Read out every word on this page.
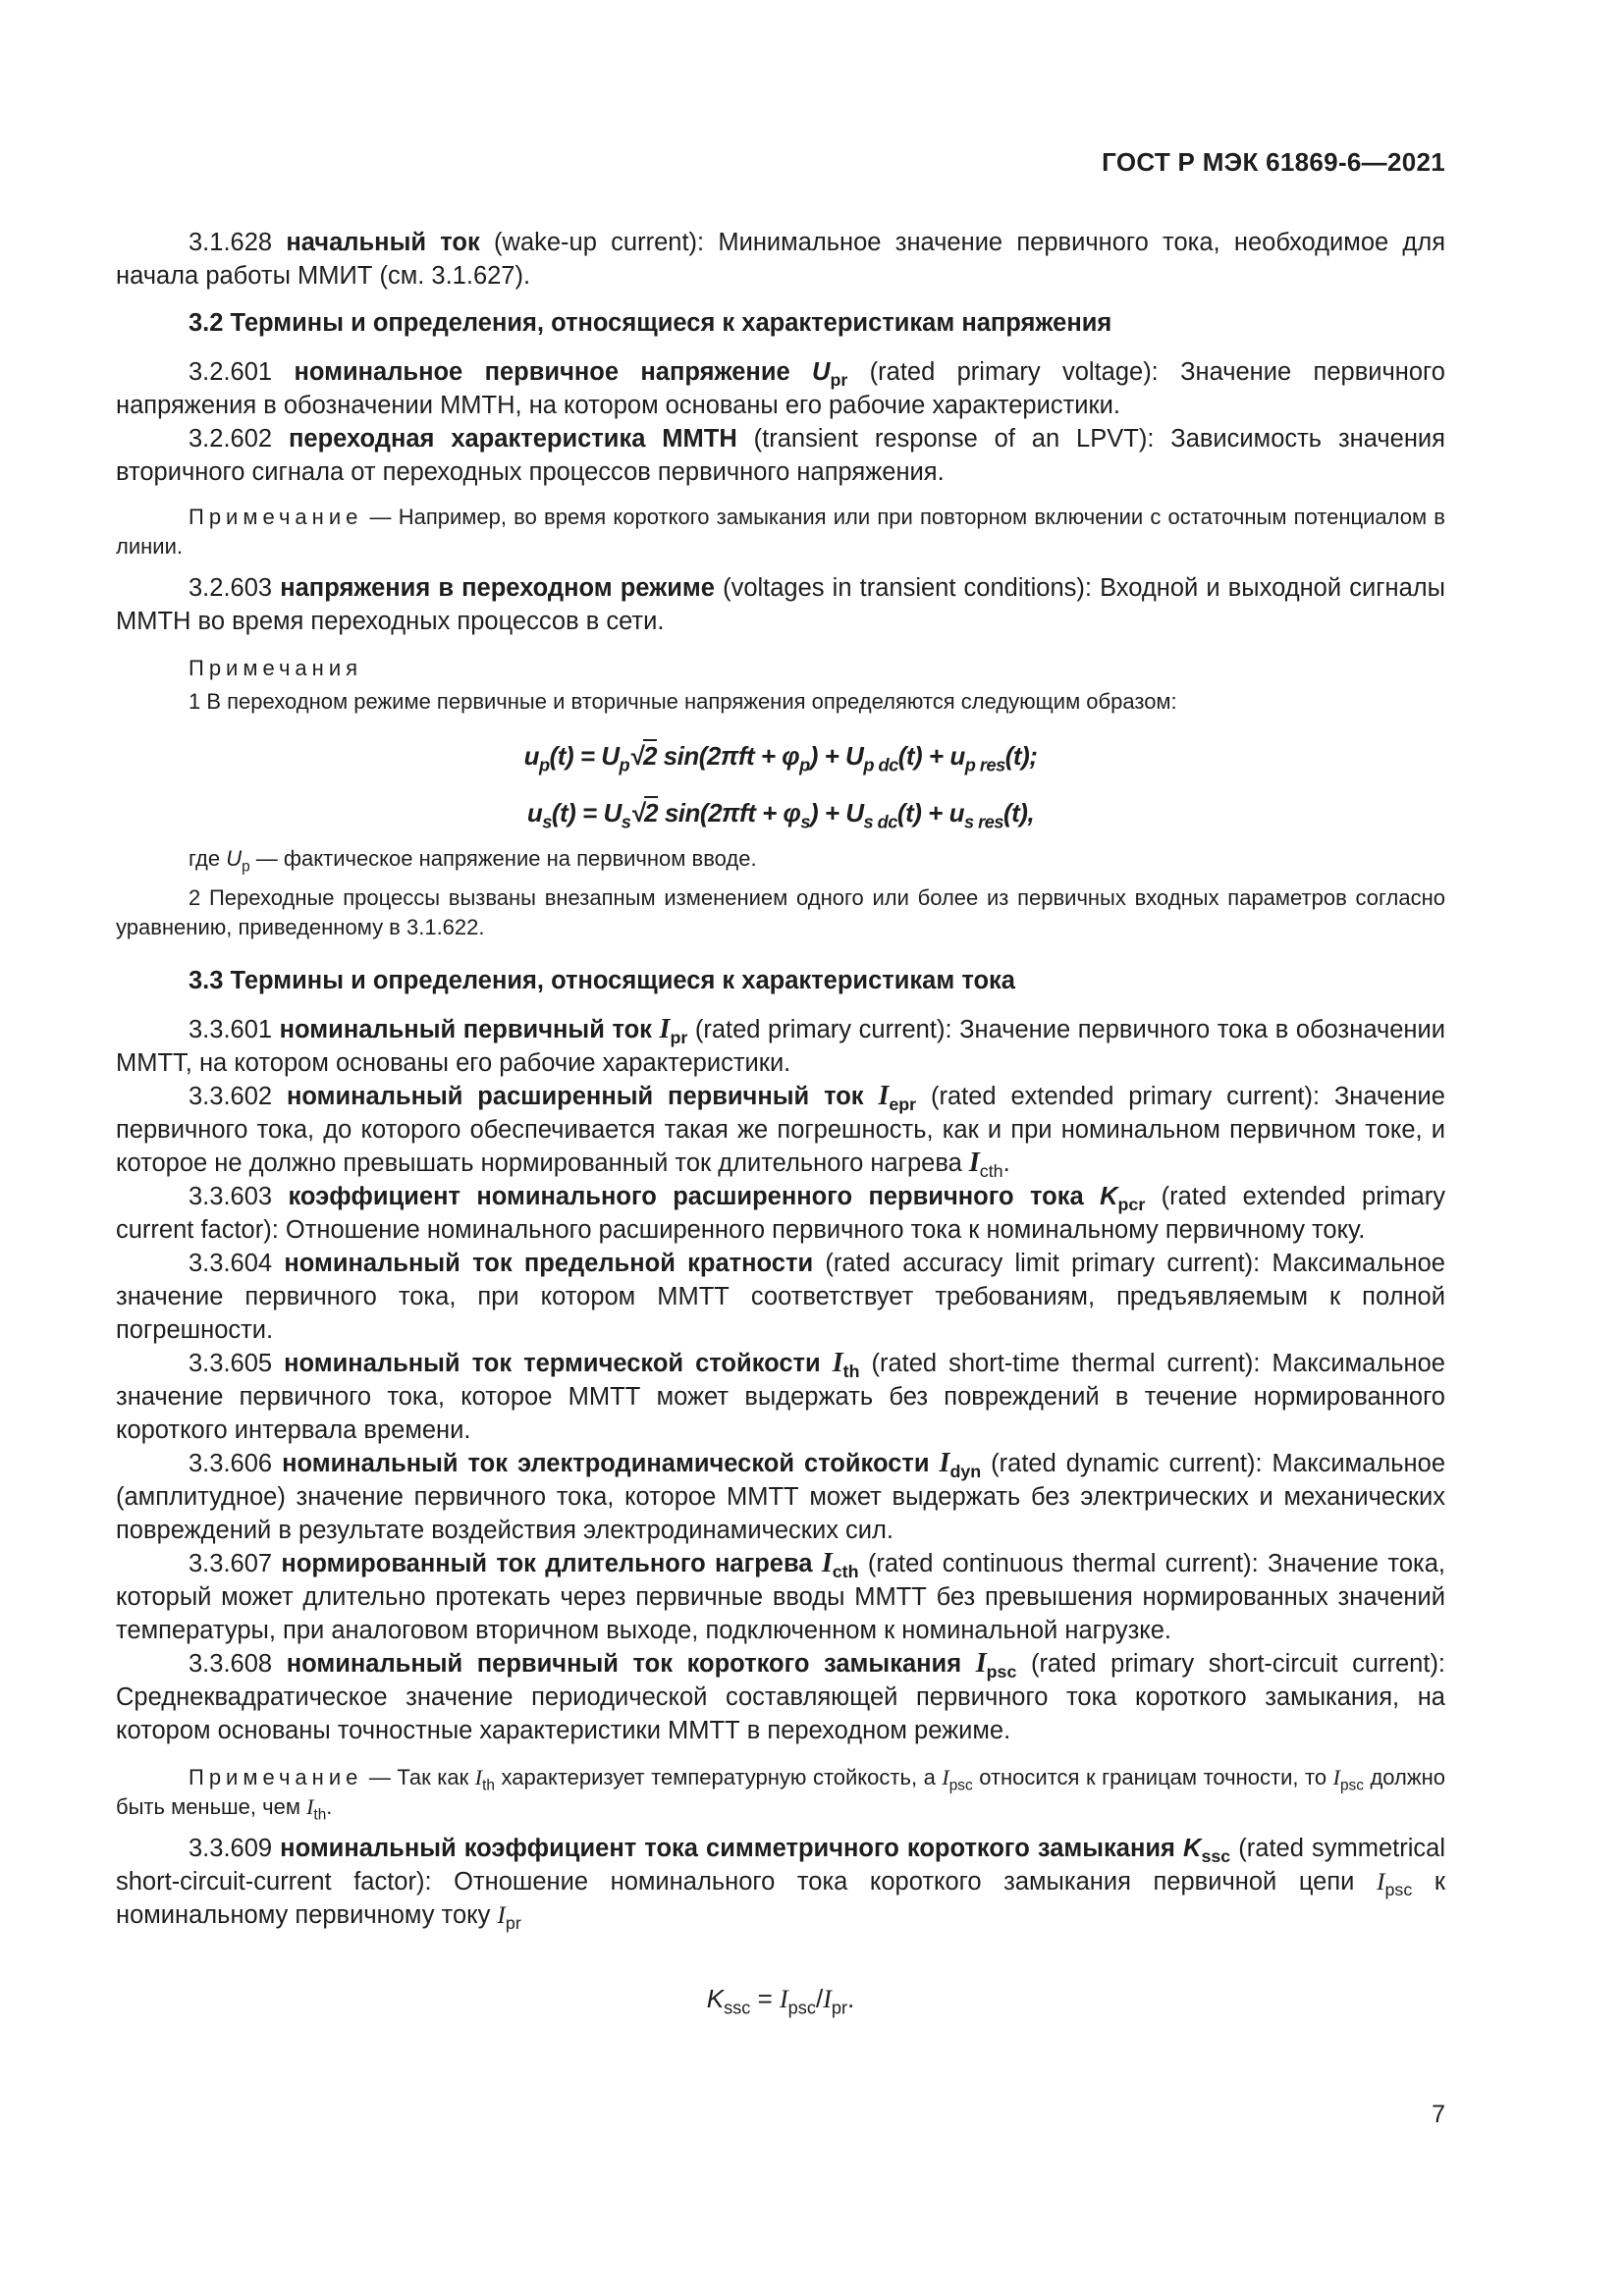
ГОСТ Р МЭК 61869-6—2021

3.1.628 начальный ток (wake-up current): Минимальное значение первичного тока, необходимое для начала работы ММИТ (см. 3.1.627).

3.2 Термины и определения, относящиеся к характеристикам напряжения

3.2.601 номинальное первичное напряжение $U_{pr}$ (rated primary voltage): Значение первичного напряжения в обозначении ММТН, на котором основаны его рабочие характеристики.

3.2.602 переходная характеристика ММТН (transient response of an LPVT): Зависимость значения вторичного сигнала от переходных процессов первичного напряжения.

Примечание — Например, во время короткого замыкания или при повторном включении с остаточным потенциалом в линии.

3.2.603 напряжения в переходном режиме (voltages in transient conditions): Входной и выходной сигналы ММТН во время переходных процессов в сети.

Примечания

1 В переходном режиме первичные и вторичные напряжения определяются следующим образом:

$u_p(t) = U_p√2$ $\sin(2\pi ft + \varphi_p) + U_{p dc}(t) + u_{p res}(t)$;
$u_s(t) = U_s√2$ $\sin(2\pi ft + \varphi_s) + U_{s dc}(t) + u_{s res}(t)$,

где $U_p$ — фактическое напряжение на первичном вводе.

2 Переходные процессы вызваны внезапным изменением одного или более из первичных входных параметров согласно уравнению, приведенному в 3.1.622.

3.3 Термины и определения, относящиеся к характеристикам тока

3.3.601 номинальный первичный ток $I_{pr}$ (rated primary current): Значение первичного тока в обозначении ММТТ, на котором основаны его рабочие характеристики.

3.3.602 номинальный расширенный первичный ток $I_{epr}$ (rated extended primary current): Значение первичного тока, до которого обеспечивается такая же погрешность, как и при номинальном первичном токе, и которое не должно превышать нормированный ток длительного нагрева $I_{cth}$.

3.3.603 коэффициент номинального расширенного первичного тока $K_{pcr}$ (rated extended primary current factor): Отношение номинального расширенного первичного тока к номинальному первичному току.

3.3.604 номинальный ток предельной кратности (rated accuracy limit primary current): Максимальное значение первичного тока, при котором ММТТ соответствует требованиям, предъявляемым к полной погрешности.

3.3.605 номинальный ток термической стойкости $I_{th}$ (rated short-time thermal current): Максимальное значение первичного тока, которое ММТТ может выдержать без повреждений в течение нормированного короткого интервала времени.

3.3.606 номинальный ток электродинамической стойкости $I_{dyn}$ (rated dynamic current): Максимальное (амплитудное) значение первичного тока, которое ММТТ может выдержать без электрических и механических повреждений в результате воздействия электродинамических сил.

3.3.607 нормированный ток длительного нагрева $I_{cth}$ (rated continuous thermal current): Значение тока, который может длительно протекать через первичные вводы ММТТ без превышения нормированных значений температуры, при аналоговом вторичном выходе, подключенном к номинальной нагрузке.

3.3.608 номинальный первичный ток короткого замыкания $I_{psc}$ (rated primary short-circuit current): Среднеквадратическое значение периодической составляющей первичного тока короткого замыкания, на котором основаны точностные характеристики ММТТ в переходном режиме.

Примечание — Так как $I_{th}$ характеризует температурную стойкость, а $I_{psc}$ относится к границам точности, то $I_{psc}$ должно быть меньше, чем $I_{th}$.

3.3.609 номинальный коэффициент тока симметричного короткого замыкания $K_{ssc}$ (rated symmetrical short-circuit-current factor): Отношение номинального тока короткого замыкания первичной цепи $I_{psc}$ к номинальному первичному току $I_{pr}$

$K_{ssc} = I_{psc}/I_{pr}$.
7
